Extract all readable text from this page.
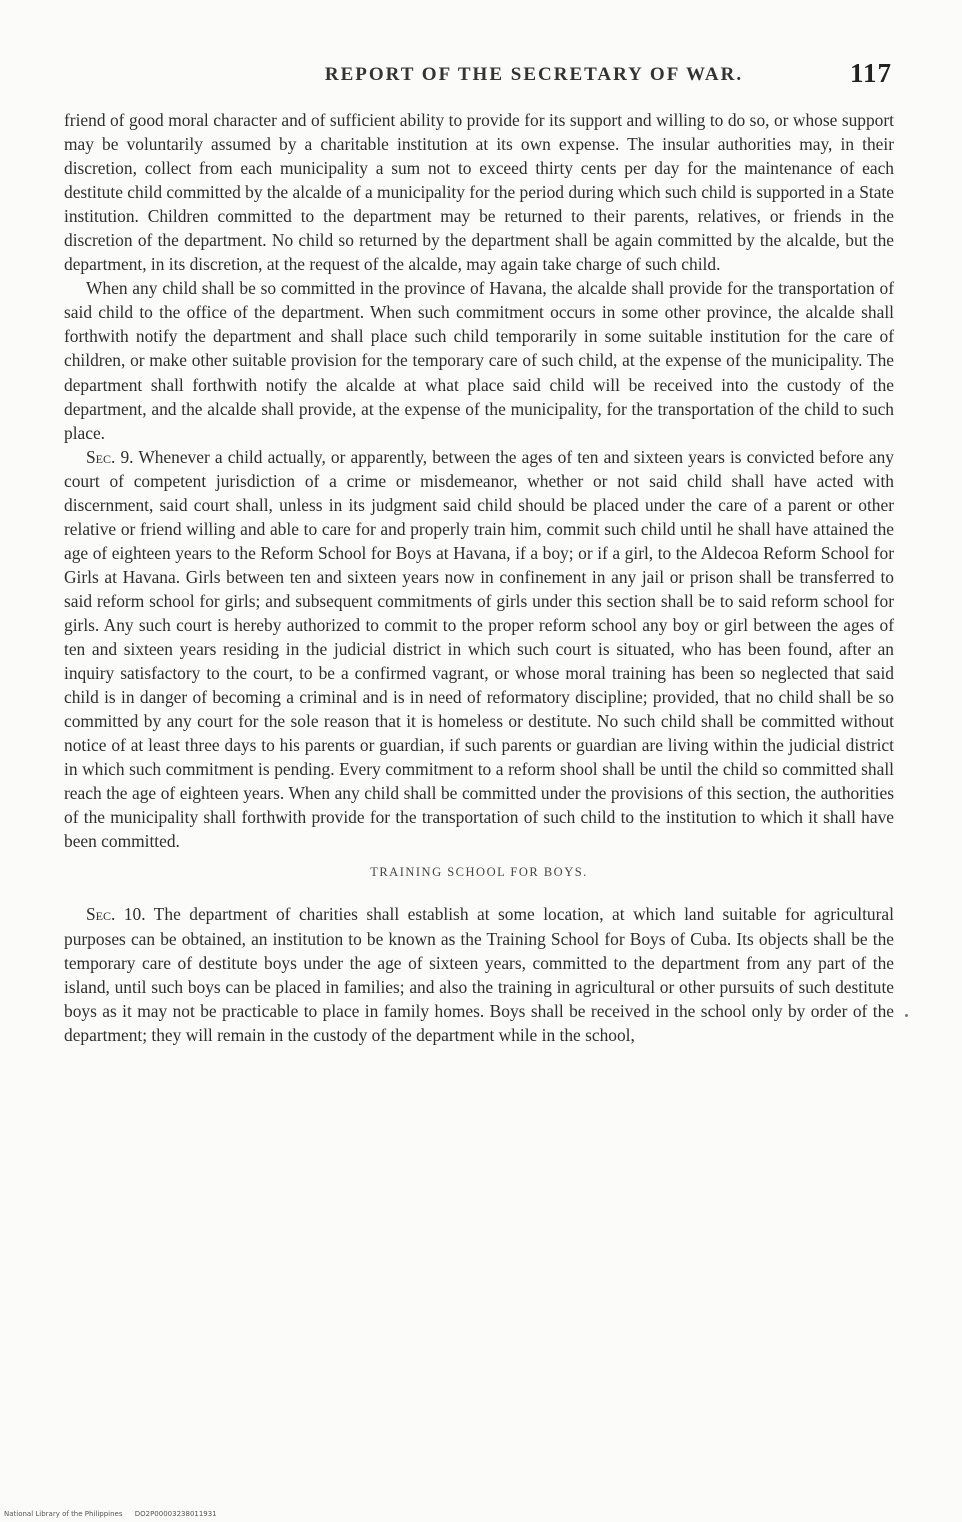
REPORT OF THE SECRETARY OF WAR.	117

friend of good moral character and of sufficient ability to provide for its support and willing to do so, or whose support may be voluntarily assumed by a charitable institution at its own expense. The insular authorities may, in their discretion, collect from each municipality a sum not to exceed thirty cents per day for the maintenance of each destitute child committed by the alcalde of a municipality for the period during which such child is supported in a State institution. Children committed to the department may be returned to their parents, relatives, or friends in the discretion of the department. No child so returned by the department shall be again committed by the alcalde, but the department, in its discretion, at the request of the alcalde, may again take charge of such child.

When any child shall be so committed in the province of Havana, the alcalde shall provide for the transportation of said child to the office of the department. When such commitment occurs in some other province, the alcalde shall forthwith notify the department and shall place such child temporarily in some suitable institution for the care of children, or make other suitable provision for the temporary care of such child, at the expense of the municipality. The department shall forthwith notify the alcalde at what place said child will be received into the custody of the department, and the alcalde shall provide, at the expense of the municipality, for the transportation of the child to such place.

Sec. 9. Whenever a child actually, or apparently, between the ages of ten and sixteen years is convicted before any court of competent jurisdiction of a crime or misdemeanor, whether or not said child shall have acted with discernment, said court shall, unless in its judgment said child should be placed under the care of a parent or other relative or friend willing and able to care for and properly train him, commit such child until he shall have attained the age of eighteen years to the Reform School for Boys at Havana, if a boy; or if a girl, to the Aldecoa Reform School for Girls at Havana. Girls between ten and sixteen years now in confinement in any jail or prison shall be transferred to said reform school for girls; and subsequent commitments of girls under this section shall be to said reform school for girls. Any such court is hereby authorized to commit to the proper reform school any boy or girl between the ages of ten and sixteen years residing in the judicial district in which such court is situated, who has been found, after an inquiry satisfactory to the court, to be a confirmed vagrant, or whose moral training has been so neglected that said child is in danger of becoming a criminal and is in need of reformatory discipline; provided, that no child shall be so committed by any court for the sole reason that it is homeless or destitute. No such child shall be committed without notice of at least three days to his parents or guardian, if such parents or guardian are living within the judicial district in which such commitment is pending. Every commitment to a reform shool shall be until the child so committed shall reach the age of eighteen years. When any child shall be committed under the provisions of this section, the authorities of the municipality shall forthwith provide for the transportation of such child to the institution to which it shall have been committed.

TRAINING SCHOOL FOR BOYS.

Sec. 10. The department of charities shall establish at some location, at which land suitable for agricultural purposes can be obtained, an institution to be known as the Training School for Boys of Cuba. Its objects shall be the temporary care of destitute boys under the age of sixteen years, committed to the department from any part of the island, until such boys can be placed in families; and also the training in agricultural or other pursuits of such destitute boys as it may not be practicable to place in family homes. Boys shall be received in the school only by order of the department; they will remain in the custody of the department while in the school,

National Library of the Philippines DO2P00003238011931
